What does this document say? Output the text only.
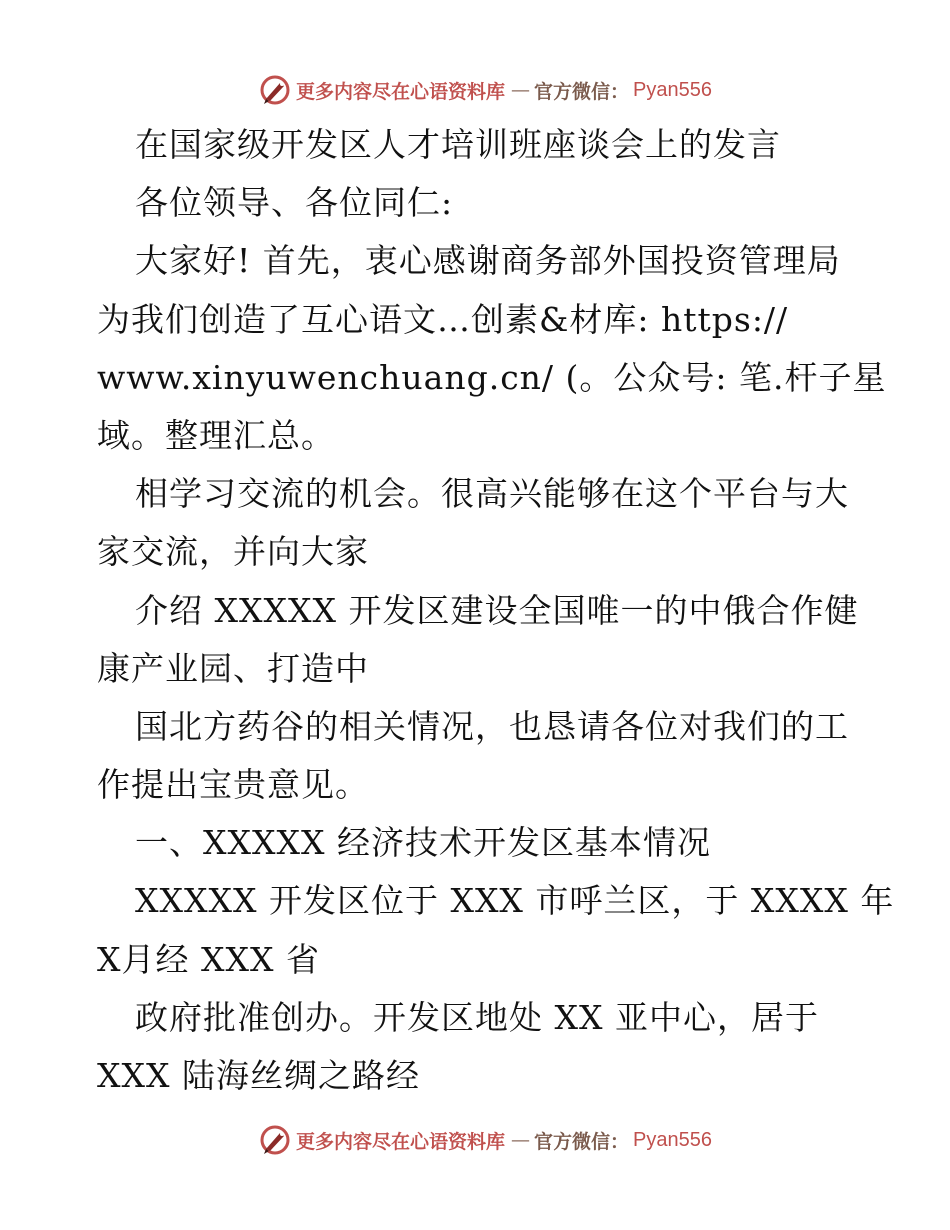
更多内容尽在心语资料库 — 官方微信： Pyan556
在国家级开发区人才培训班座谈会上的发言
各位领导、各位同仁:
大家好! 首先，衷心感谢商务部外国投资管理局
为我们创造了互心语文…创素&材库: https://
www.xinyuwenchuang.cn/ (。公众号: 笔.杆子星
域。整理汇总。
相学习交流的机会。很高兴能够在这个平台与大
家交流，并向大家
介绍 XXXXX 开发区建设全国唯一的中俄合作健
康产业园、打造中
国北方药谷的相关情况，也恳请各位对我们的工
作提出宝贵意见。
一、XXXXX 经济技术开发区基本情况
XXXXX 开发区位于 XXX 市呼兰区，于 XXXX 年
X月经 XXX 省
政府批准创办。开发区地处 XX 亚中心，居于
XXX 陆海丝绸之路经
更多内容尽在心语资料库 — 官方微信： Pyan556
